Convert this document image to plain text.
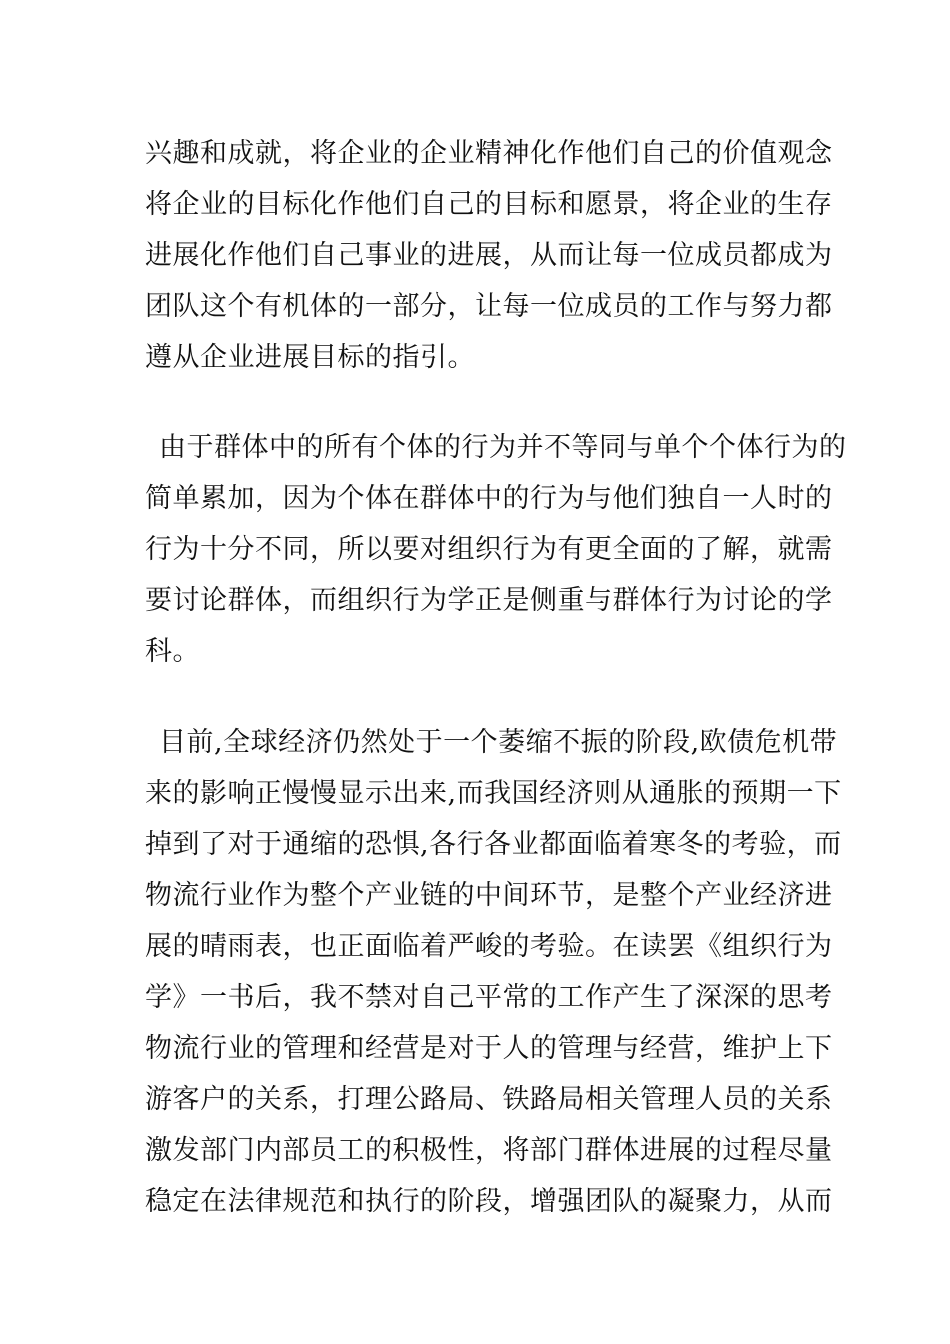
兴趣和成就，将企业的企业精神化作他们自己的价值观念
将企业的目标化作他们自己的目标和愿景，将企业的生存
进展化作他们自己事业的进展，从而让每一位成员都成为
团队这个有机体的一部分，让每一位成员的工作与努力都
遵从企业进展目标的指引。
由于群体中的所有个体的行为并不等同与单个个体行为的
简单累加，因为个体在群体中的行为与他们独自一人时的
行为十分不同，所以要对组织行为有更全面的了解，就需
要讨论群体，而组织行为学正是侧重与群体行为讨论的学
科。
目前,全球经济仍然处于一个萎缩不振的阶段,欧债危机带
来的影响正慢慢显示出来,而我国经济则从通胀的预期一下
掉到了对于通缩的恐惧,各行各业都面临着寒冬的考验，而
物流行业作为整个产业链的中间环节，是整个产业经济进
展的晴雨表，也正面临着严峻的考验。在读罢《组织行为
学》一书后，我不禁对自己平常的工作产生了深深的思考
物流行业的管理和经营是对于人的管理与经营，维护上下
游客户的关系，打理公路局、铁路局相关管理人员的关系
激发部门内部员工的积极性，将部门群体进展的过程尽量
稳定在法律规范和执行的阶段，增强团队的凝聚力，从而
